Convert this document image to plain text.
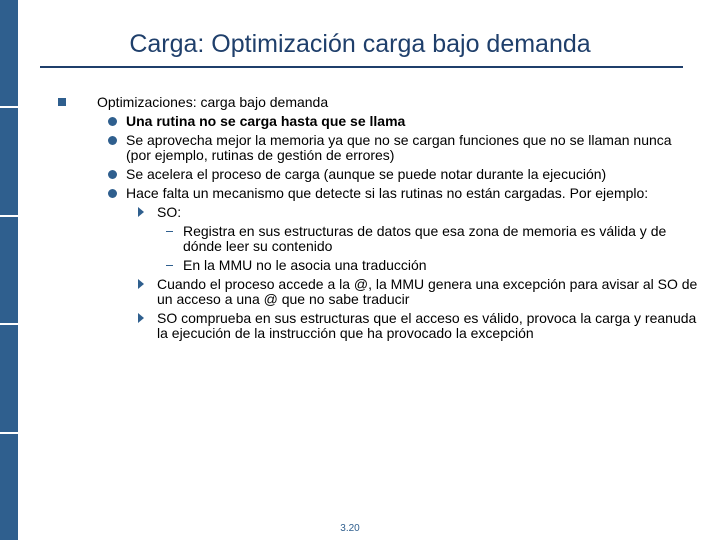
Carga: Optimización carga bajo demanda
Optimizaciones: carga bajo demanda
Una rutina no se carga hasta que se llama
Se aprovecha mejor la memoria ya que no se cargan funciones que no se llaman nunca (por ejemplo, rutinas de gestión de errores)
Se acelera el proceso de carga (aunque se puede notar durante la ejecución)
Hace falta un mecanismo que detecte si las rutinas no están cargadas. Por ejemplo:
SO:
Registra en sus estructuras de datos que esa zona de memoria es válida y de dónde leer su contenido
En la MMU no le asocia una traducción
Cuando el proceso accede a la @, la MMU genera una excepción para avisar al SO de un acceso a una @ que no sabe traducir
SO comprueba en sus estructuras que el acceso es válido, provoca la carga y reanuda la ejecución de la instrucción que ha provocado la excepción
3.20
